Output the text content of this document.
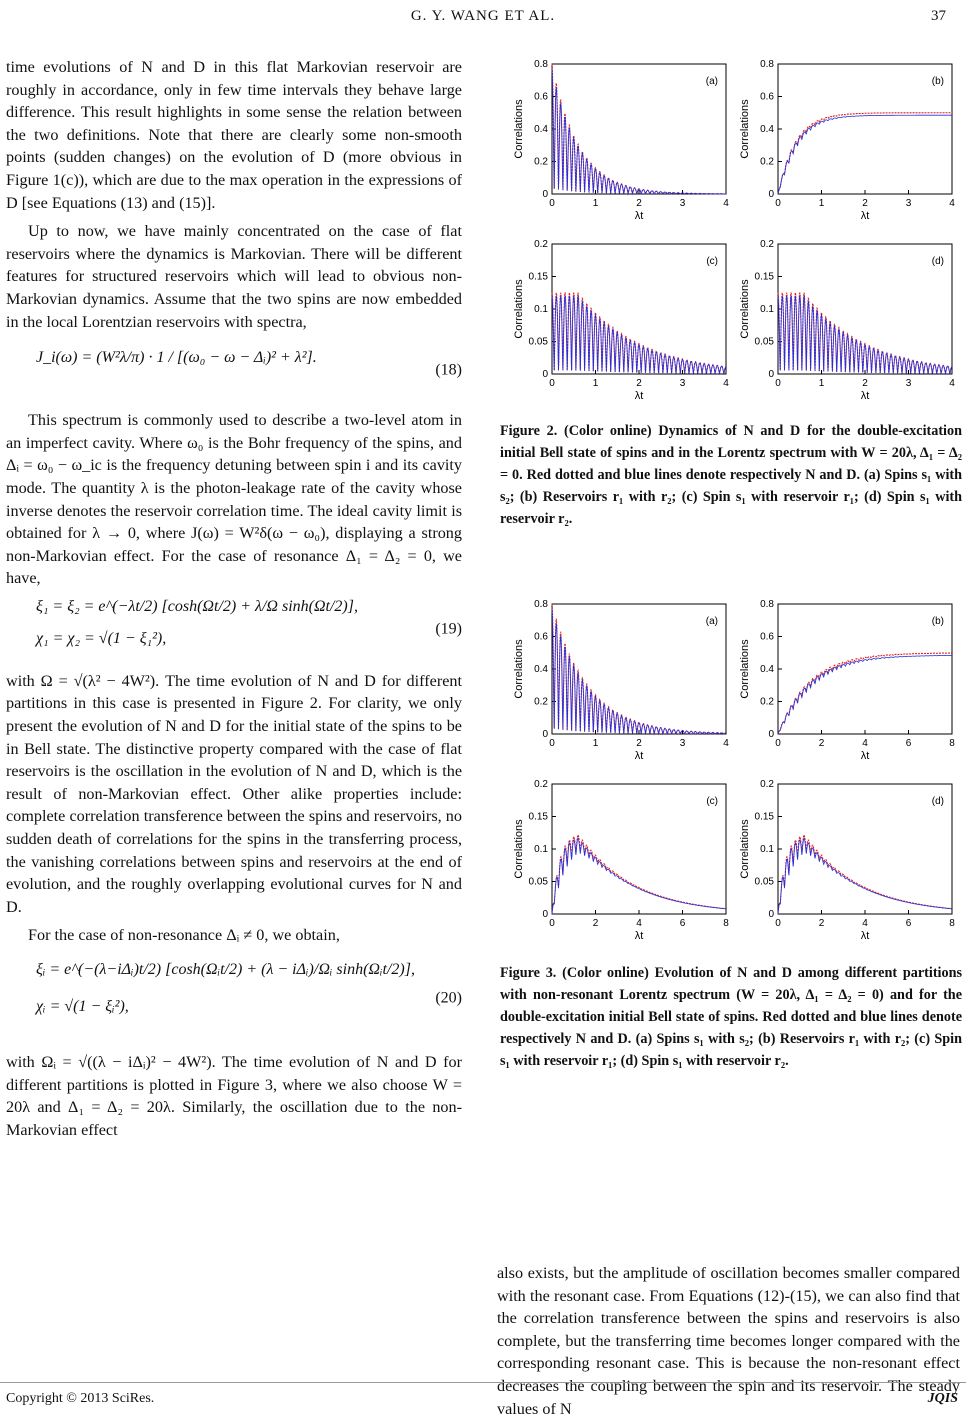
G. Y. WANG ET AL.	37

time evolutions of N and D in this flat Markovian reservoir are roughly in accordance, only in few time intervals they behave large difference. This result highlights in some sense the relation between the two definitions. Note that there are clearly some non-smooth points (sudden changes) on the evolution of D (more obvious in Figure 1(c)), which are due to the max operation in the expressions of D [see Equations (13) and (15)].

Up to now, we have mainly concentrated on the case of flat reservoirs where the dynamics is Markovian. There will be different features for structured reservoirs which will lead to obvious non-Markovian dynamics. Assume that the two spins are now embedded in the local Lorentzian reservoirs with spectra,

J_i(ω) = (W²λ/π) · 1 / [(ω₀ − ω − Δᵢ)² + λ²].
(18)

This spectrum is commonly used to describe a two-level atom in an imperfect cavity. Where ω₀ is the Bohr frequency of the spins, and Δᵢ = ω₀ − ω_ic is the frequency detuning between spin i and its cavity mode. The quantity λ is the photon-leakage rate of the cavity whose inverse denotes the reservoir correlation time. The ideal cavity limit is obtained for λ → 0, where J(ω) = W²δ(ω − ω₀), displaying a strong non-Markovian effect. For the case of resonance Δ₁ = Δ₂ = 0, we have,

ξ₁ = ξ₂ = e^(−λt/2) [cosh(Ωt/2) + λ/Ω sinh(Ωt/2)],
χ₁ = χ₂ = √(1 − ξ₁²),
(19)

with Ω = √(λ² − 4W²). The time evolution of N and D for different partitions in this case is presented in Figure 2. For clarity, we only present the evolution of N and D for the initial state of the spins to be in Bell state. The distinctive property compared with the case of flat reservoirs is the oscillation in the evolution of N and D, which is the result of non-Markovian effect. Other alike properties include: complete correlation transference between the spins and reservoirs, no sudden death of correlations for the spins in the transferring process, the vanishing correlations between spins and reservoirs at the end of evolution, and the roughly overlapping evolutional curves for N and D.

For the case of non-resonance Δᵢ ≠ 0, we obtain,

ξᵢ = e^(−(λ−iΔᵢ)t/2) [cosh(Ωᵢt/2) + (λ − iΔᵢ)/Ωᵢ sinh(Ωᵢt/2)],
χᵢ = √(1 − ξᵢ²),	(20)

with Ωᵢ = √((λ − iΔᵢ)² − 4W²). The time evolution of N and D for different partitions is plotted in Figure 3, where we also choose W = 20λ and Δ₁ = Δ₂ = 20λ. Similarly, the oscillation due to the non-Markovian effect

0	1	2	3	4
0
0.2
0.4
0.6
0.8
λt
Correlations
(a)
0	1	2	3	4
0
0.2
0.4
0.6
0.8
λt
Correlations
(b)
0	1	2	3	4
0
0.05
0.1
0.15
0.2
λt
Correlations
(c)
0	1	2	3	4
0
0.05
0.1
0.15
0.2
λt
Correlations
(d)
Figure 2. (Color online) Dynamics of N and D for the double-excitation initial Bell state of spins and in the Lorentz spectrum with W = 20λ, Δ₁ = Δ₂ = 0. Red dotted and blue lines denote respectively N and D. (a) Spins s₁ with s₂; (b) Reservoirs r₁ with r₂; (c) Spin s₁ with reservoir r₁; (d) Spin s₁ with reservoir r₂.
0	1	2	3	4
0
0.2
0.4
0.6
0.8
λt
Correlations
(a)
0	2	4	6	8
0
0.2
0.4
0.6
0.8
λt
Correlations
(b)
0	2	4	6	8
0
0.05
0.1
0.15
0.2
λt
Correlations
(c)
0	2	4	6	8
0
0.05
0.1
0.15
0.2
λt
Correlations
(d)
Figure 3. (Color online) Evolution of N and D among different partitions with non-resonant Lorentz spectrum (W = 20λ, Δ₁ = Δ₂ = 0) and for the double-excitation initial Bell state of spins. Red dotted and blue lines denote respectively N and D. (a) Spins s₁ with s₂; (b) Reservoirs r₁ with r₂; (c) Spin s₁ with reservoir r₁; (d) Spin s₁ with reservoir r₂.

also exists, but the amplitude of oscillation becomes smaller compared with the resonant case. From Equations (12)-(15), we can also find that the correlation transference between the spins and reservoirs is also complete, but the transferring time becomes longer compared with the corresponding resonant case. This is because the non-resonant effect decreases the coupling between the spin and its reservoir. The steady values of N

Copyright © 2013 SciRes.	JQIS
